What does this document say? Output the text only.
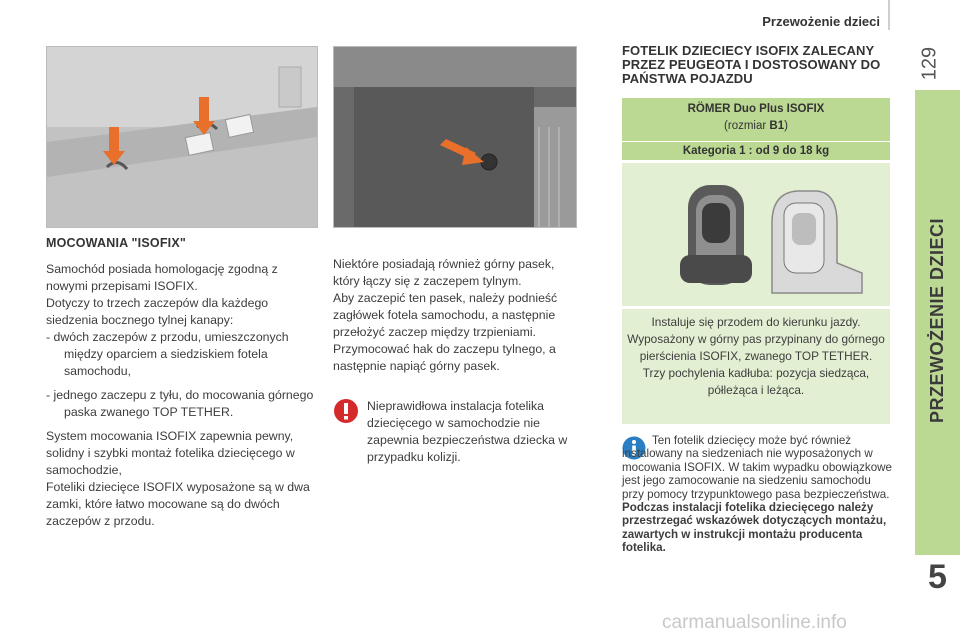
Przewożenie dzieci
129
PRZEWOŻENIE DZIECI
5
MOCOWANIA "ISOFIX"

Samochód posiada homologację zgodną z nowymi przepisami ISOFIX.

Dotyczy to trzech zaczepów dla każdego siedzenia bocznego tylnej kanapy:

- dwóch zaczepów z przodu, umieszczonych między oparciem a siedziskiem fotela samochodu,

- jednego zaczepu z tyłu, do mocowania górnego paska zwanego TOP TETHER.

System mocowania ISOFIX zapewnia pewny, solidny i szybki montaż fotelika dziecięcego w samochodzie,

Foteliki dziecięce ISOFIX wyposażone są w dwa zamki, które łatwo mocowane są do dwóch zaczepów z przodu.

Niektóre posiadają również górny pasek, który łączy się z zaczepem tylnym.

Aby zaczepić ten pasek, należy podnieść zagłówek fotela samochodu, a następnie przełożyć zaczep między trzpieniami. Przymocować hak do zaczepu tylnego, a następnie napiąć górny pasek.

Nieprawidłowa instalacja fotelika dziecięcego w samochodzie nie zapewnia bezpieczeństwa dziecka w przypadku kolizji.
FOTELIK DZIECIECY ISOFIX ZALECANY PRZEZ PEUGEOTA I DOSTOSOWANY DO PAŃSTWA POJAZDU
RÖMER Duo Plus ISOFIX
(rozmiar B1)
Kategoria 1 : od 9 do 18 kg
Instaluje się przodem do kierunku jazdy.
Wyposażony w górny pas przypinany do górnego pierścienia ISOFIX, zwanego TOP TETHER.
Trzy pochylenia kadłuba: pozycja siedząca, półleżąca i leżąca.
Ten fotelik dziecięcy może być również instalowany na siedzeniach nie wyposażonych w mocowania ISOFIX. W takim wypadku obowiązkowe jest jego zamocowanie na siedzeniu samochodu przy pomocy trzypunktowego pasa bezpieczeństwa.
Podczas instalacji fotelika dziecięcego należy przestrzegać wskazówek dotyczących montażu, zawartych w instrukcji montażu producenta fotelika.
carmanualsonline.info
